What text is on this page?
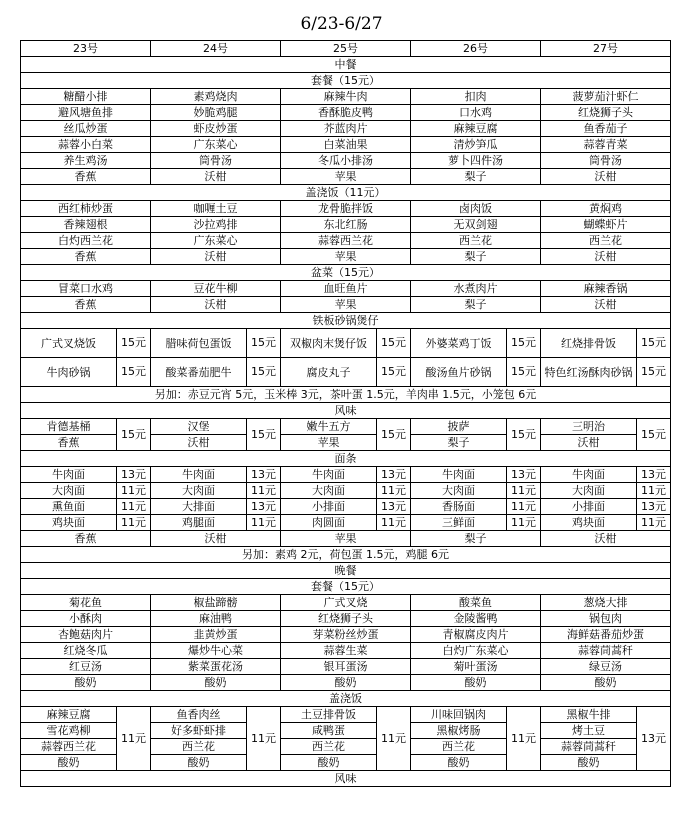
6/23-6/27
23号		24号		25号		26号		27号	
中餐									
套餐（15元）									
糖醋小排		素鸡烧肉		麻辣牛肉		扣肉		菠萝茄汁虾仁	
避风塘鱼排		妙脆鸡腿		香酥脆皮鸭		口水鸡		红烧狮子头	
丝瓜炒蛋		虾皮炒蛋		芥蓝肉片		麻辣豆腐		鱼香茄子	
蒜蓉小白菜		广东菜心		白菜油果		清炒笋瓜		蒜蓉青菜	
养生鸡汤		筒骨汤		冬瓜小排汤		萝卜四件汤		筒骨汤	
香蕉		沃柑		苹果		梨子		沃柑	
盖浇饭（11元）									
西红柿炒蛋		咖喱土豆		龙骨脆拌饭		卤肉饭		黄焖鸡	
香辣翅根		沙拉鸡排		东北红肠		无双剑翅		蝴蝶虾片	
白灼西兰花		广东菜心		蒜蓉西兰花		西兰花		西兰花	
香蕉		沃柑		苹果		梨子		沃柑	
盆菜（15元）									
冒菜口水鸡		豆花牛柳		血旺鱼片		水煮肉片		麻辣香锅	
香蕉		沃柑		苹果		梨子		沃柑	
铁板砂锅煲仔									
广式叉烧饭	15元	腊味荷包蛋饭	15元	双椒肉末煲仔饭	15元	外婆菜鸡丁饭	15元	红烧排骨饭	15元
牛肉砂锅	15元	酸菜番茄肥牛	15元	腐皮丸子	15元	酸汤鱼片砂锅	15元	特色红汤酥肉砂锅	15元
另加：赤豆元宵 5元，玉米棒 3元，茶叶蛋 1.5元，羊肉串 1.5元，小笼包 6元									
风味									
肯德基桶	15元	汉堡	15元	嫩牛五方	15元	披萨	15元	三明治	15元
香蕉		沃柑		苹果		梨子		沃柑	
面条									
牛肉面	13元	牛肉面	13元	牛肉面	13元	牛肉面	13元	牛肉面	13元
大肉面	11元	大肉面	11元	大肉面	11元	大肉面	11元	大肉面	11元
熏鱼面	11元	大排面	13元	小排面	13元	香肠面	11元	小排面	13元
鸡块面	11元	鸡腿面	11元	肉圆面	11元	三鲜面	11元	鸡块面	11元
香蕉		沃柑		苹果		梨子		沃柑	
另加：素鸡 2元，荷包蛋 1.5元，鸡腿 6元									
晚餐									
套餐（15元）									
菊花鱼		椒盐蹄髈		广式叉烧		酸菜鱼		葱烧大排	
小酥肉		麻油鸭		红烧狮子头		金陵酱鸭		锅包肉	
杏鲍菇肉片		韭黄炒蛋		芽菜粉丝炒蛋		青椒腐皮肉片		海鲜菇番茄炒蛋	
红烧冬瓜		爆炒牛心菜		蒜蓉生菜		白灼广东菜心		蒜蓉茼蒿秆	
红豆汤		紫菜蛋花汤		银耳蛋汤		菊叶蛋汤		绿豆汤	
酸奶		酸奶		酸奶		酸奶		酸奶	
盖浇饭									
麻辣豆腐	11元	鱼香肉丝	11元	土豆排骨饭	11元	川味回锅肉	11元	黑椒牛排	13元
雪花鸡柳		好多虾虾排		咸鸭蛋		黑椒烤肠		烤土豆	
蒜蓉西兰花		西兰花		西兰花		西兰花		蒜蓉茼蒿秆	
酸奶		酸奶		酸奶		酸奶		酸奶	
风味									
